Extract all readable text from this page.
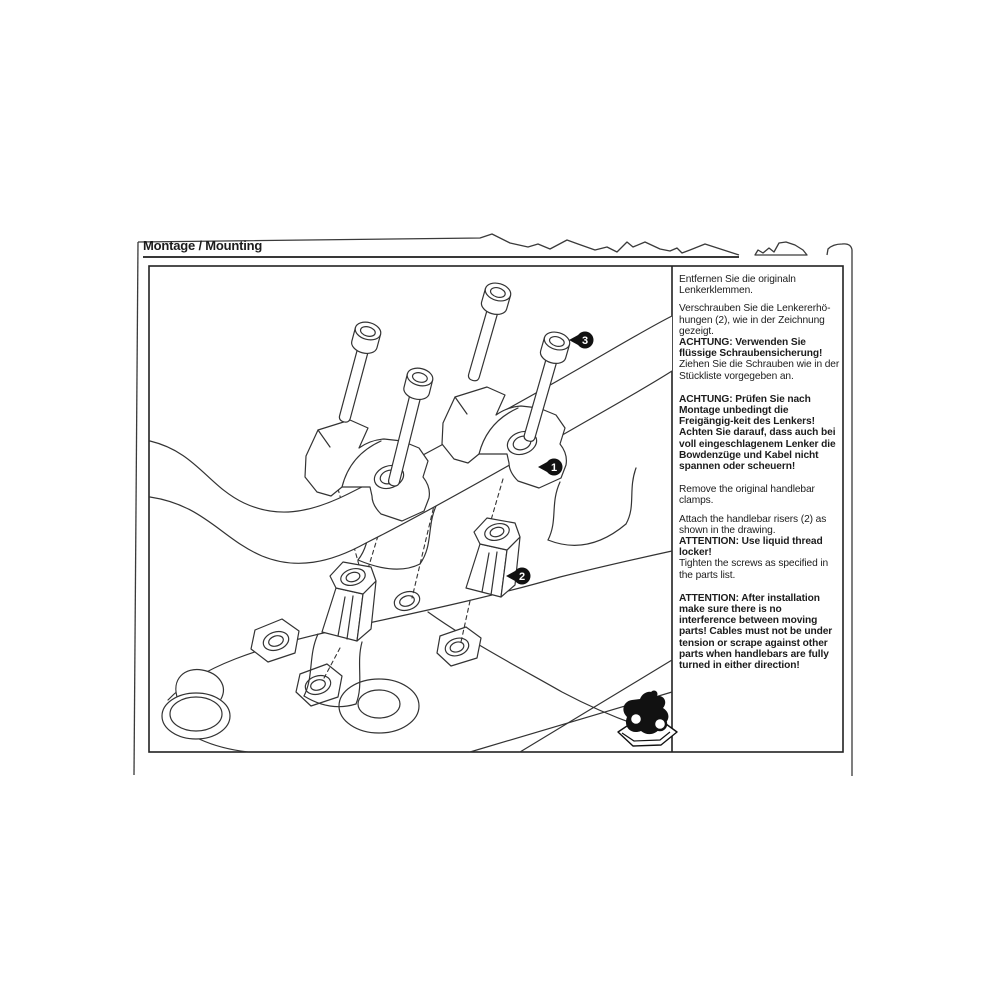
1
2
3
Montage / Mounting

Entfernen Sie die originaln Lenkerklemmen.

Verschrauben Sie die Lenkererhö-hungen (2), wie in der Zeichnung gezeigt.

ACHTUNG: Verwenden Sie flüssige Schraubensicherung!

Ziehen Sie die Schrauben wie in der Stückliste vorgegeben an.

ACHTUNG: Prüfen Sie nach Montage unbedingt die Freigängig-keit des Lenkers! Achten Sie darauf, dass auch bei voll eingeschlagenem Lenker die Bowdenzüge und Kabel nicht spannen oder scheuern!

Remove the original handlebar clamps.

Attach the handlebar risers (2) as shown in the drawing.

ATTENTION: Use liquid thread locker!

Tighten the screws as specified in the parts list.

ATTENTION: After installation make sure there is no interference between moving parts! Cables must not be under tension or scrape against other parts when handlebars are fully turned in either direction!
